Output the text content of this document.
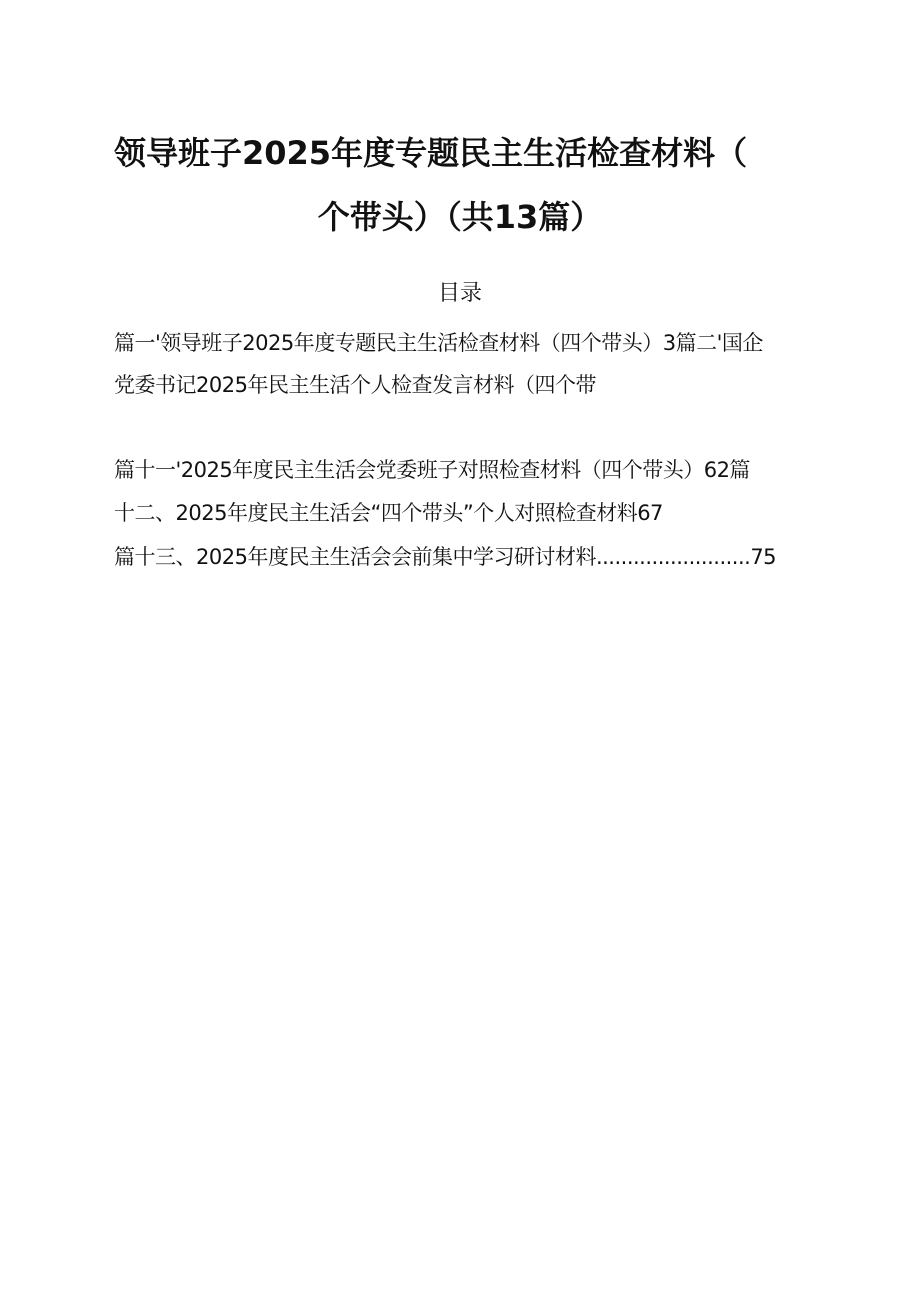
领导班子2025年度专题民主生活检查材料（
个带头）（共13篇）
目录
篇一'领导班子2025年度专题民主生活检查材料（四个带头）3篇二'国企
党委书记2025年民主生活个人检查发言材料（四个带
篇十一'2025年度民主生活会党委班子对照检查材料（四个带头）62篇
十二、2025年度民主生活会“四个带头”个人对照检查材料67
篇十三、2025年度民主生活会会前集中学习研讨材料.........................75
